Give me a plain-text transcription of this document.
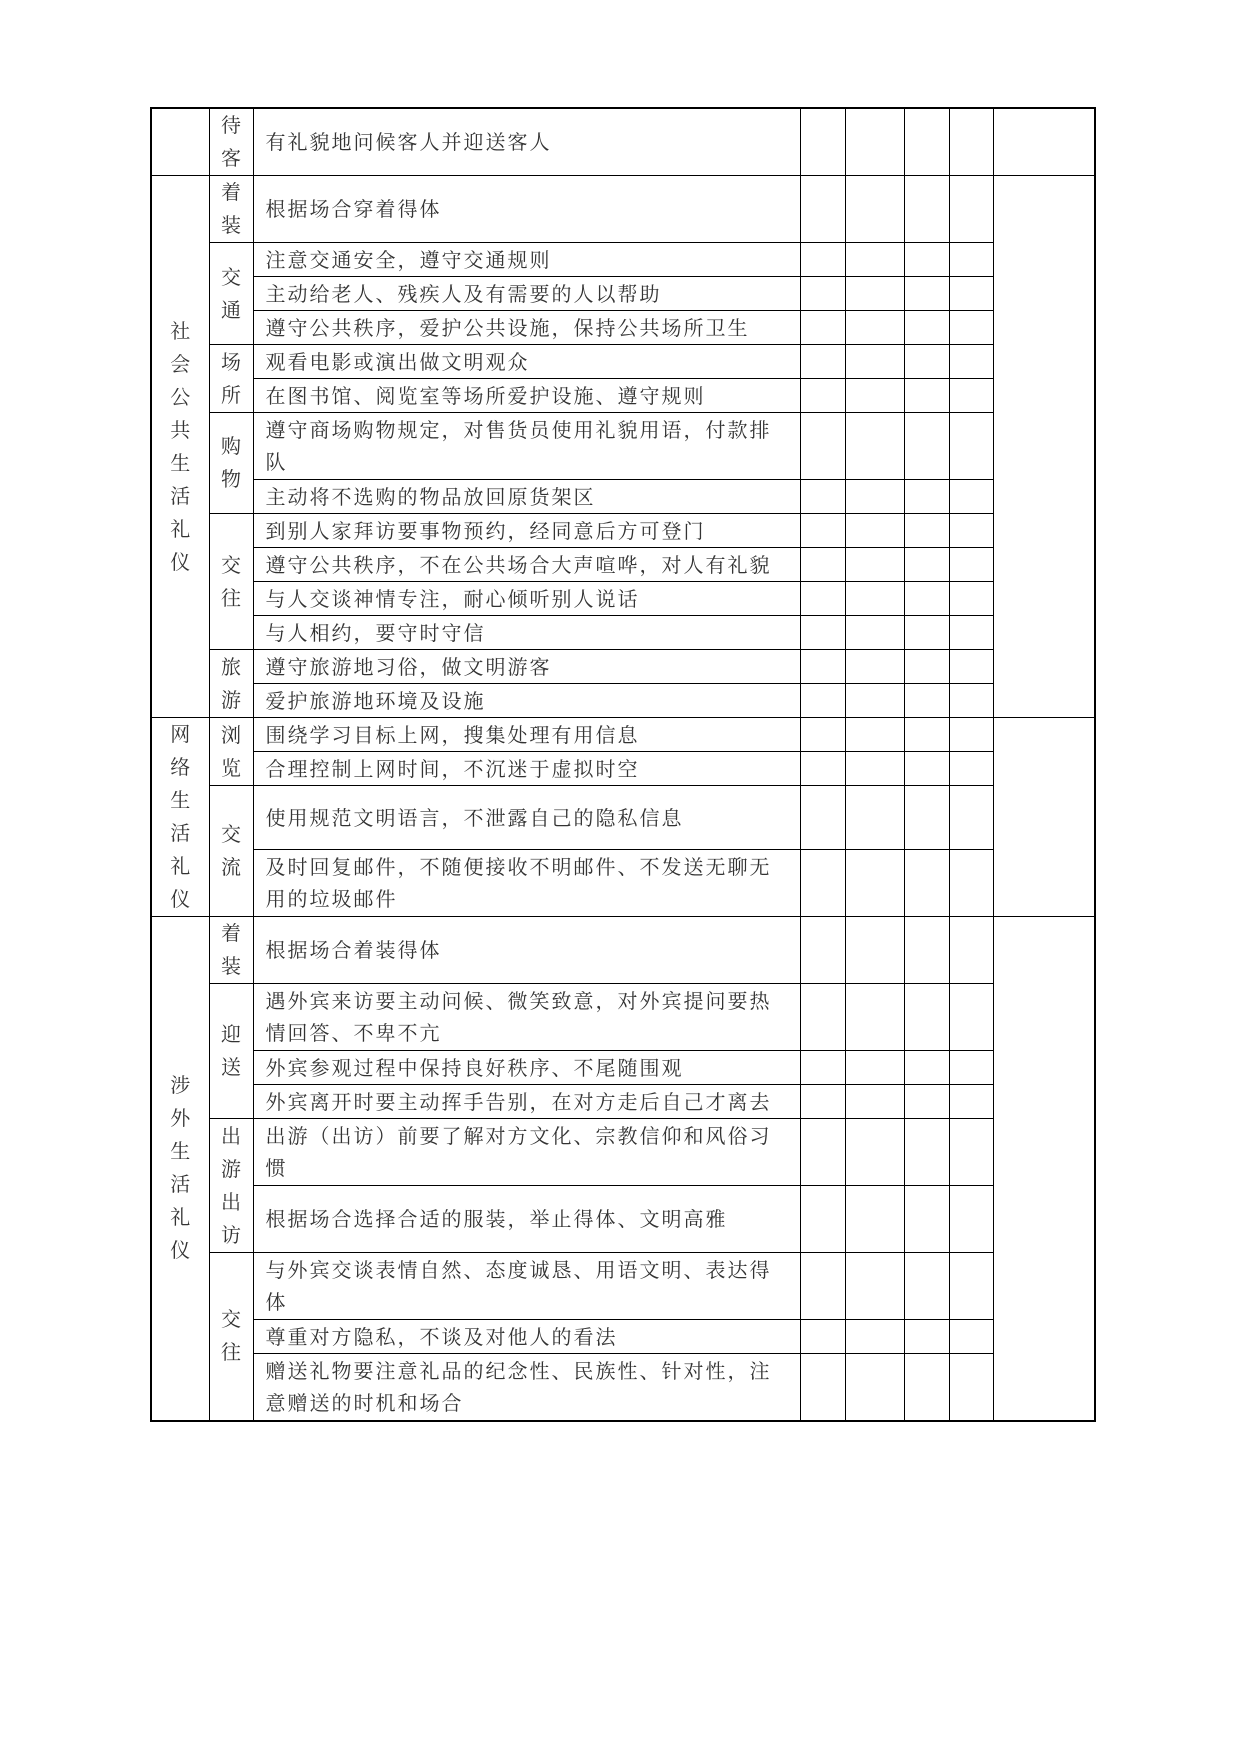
	待客	有礼貌地问候客人并迎送客人					

社会公共生活礼仪	着装	根据场合穿着得体					

	交通	注意交通安全，遵守交通规则					
		主动给老人、残疾人及有需要的人以帮助					
		遵守公共秩序，爱护公共设施，保持公共场所卫生					

	场所	观看电影或演出做文明观众					
		在图书馆、阅览室等场所爱护设施、遵守规则					

	购物	遵守商场购物规定，对售货员使用礼貌用语，付款排队					
		主动将不选购的物品放回原货架区					

	交往	到别人家拜访要事物预约，经同意后方可登门					
		遵守公共秩序，不在公共场合大声喧哗，对人有礼貌					
		与人交谈神情专注，耐心倾听别人说话					
		与人相约，要守时守信					

	旅游	遵守旅游地习俗，做文明游客					
		爱护旅游地环境及设施					

网络生活礼仪	浏览	围绕学习目标上网，搜集处理有用信息					
		合理控制上网时间，不沉迷于虚拟时空					

	交流	使用规范文明语言，不泄露自己的隐私信息					
		及时回复邮件，不随便接收不明邮件、不发送无聊无用的垃圾邮件					

涉外生活礼仪	着装	根据场合着装得体					

	迎送	遇外宾来访要主动问候、微笑致意，对外宾提问要热情回答、不卑不亢					
		外宾参观过程中保持良好秩序、不尾随围观					
		外宾离开时要主动挥手告别，在对方走后自己才离去					

	出游出访	出游（出访）前要了解对方文化、宗教信仰和风俗习惯					
		根据场合选择合适的服装，举止得体、文明高雅					

	交往	与外宾交谈表情自然、态度诚恳、用语文明、表达得体					
		尊重对方隐私，不谈及对他人的看法					
		赠送礼物要注意礼品的纪念性、民族性、针对性，注意赠送的时机和场合					
